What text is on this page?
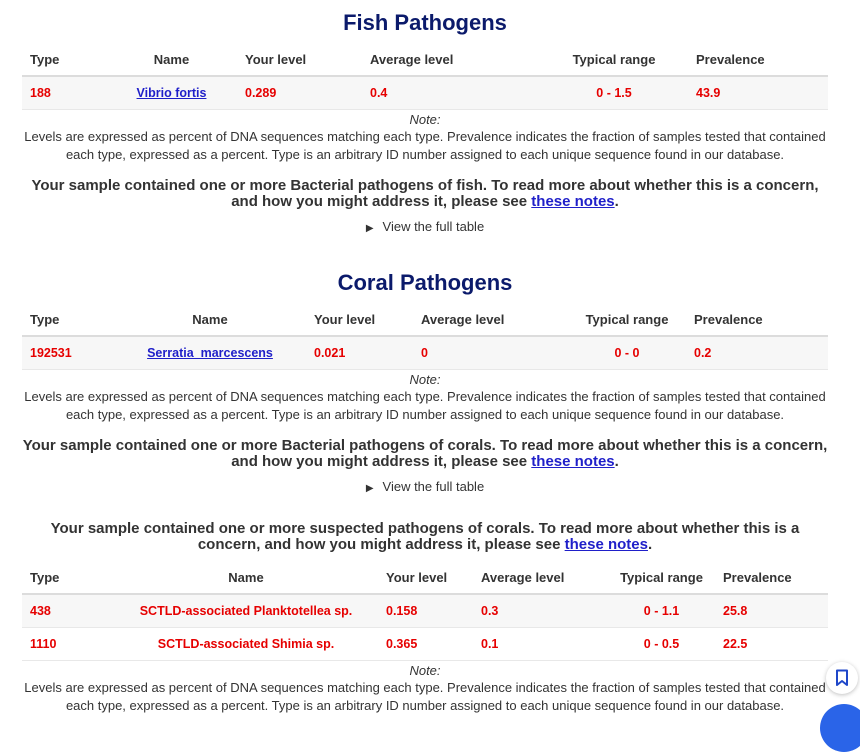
Fish Pathogens
Type	Name	Your level	Average level	Typical range	Prevalence
188	Vibrio fortis	0.289	0.4	0 - 1.5	43.9
Note:
Levels are expressed as percent of DNA sequences matching each type. Prevalence indicates the fraction of samples tested that contained each type, expressed as a percent. Type is an arbitrary ID number assigned to each unique sequence found in our database.

Your sample contained one or more Bacterial pathogens of fish. To read more about whether this is a concern, and how you might address it, please see these notes.

▶ View the full table
Coral Pathogens
Type	Name	Your level	Average level	Typical range	Prevalence
192531	Serratia_marcescens	0.021	0	0 - 0	0.2
Note:
Levels are expressed as percent of DNA sequences matching each type. Prevalence indicates the fraction of samples tested that contained each type, expressed as a percent. Type is an arbitrary ID number assigned to each unique sequence found in our database.

Your sample contained one or more Bacterial pathogens of corals. To read more about whether this is a concern, and how you might address it, please see these notes.

▶ View the full table

Your sample contained one or more suspected pathogens of corals. To read more about whether this is a concern, and how you might address it, please see these notes.

Type	Name	Your level	Average level	Typical range	Prevalence
438	SCTLD-associated Planktotellea sp.	0.158	0.3	0 - 1.1	25.8
1110	SCTLD-associated Shimia sp.	0.365	0.1	0 - 0.5	22.5
Note:
Levels are expressed as percent of DNA sequences matching each type. Prevalence indicates the fraction of samples tested that contained each type, expressed as a percent. Type is an arbitrary ID number assigned to each unique sequence found in our database.
